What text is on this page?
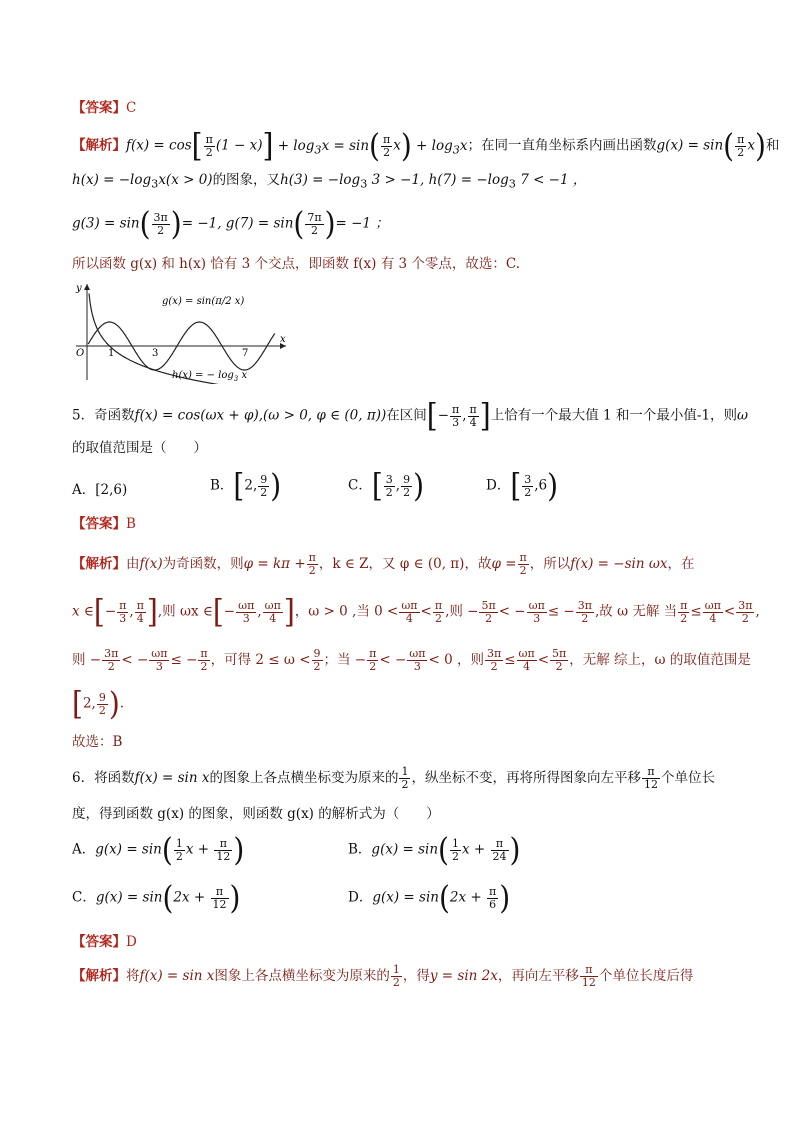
【答案】C
【解析】$f(x) = \cos[ \frac{\pi}{2} (1 - x)] + \log_3x = \sin( \frac{\pi}{2} x) + \log_3x$；在同一直角坐标系内画出函数$g(x) = \sin( \frac{\pi}{2} x)$和
$h(x) = -\log_3x(x > 0)$的图象，又$h(3) = -\log_3$ 3 > −1, $h(7) = -\log_3$ 7 < −1 ，
$g(3) = \sin( \frac{3\pi}{2}$ )= −1, $g(7) = \sin( \frac{7\pi}{2}$ )= −1 ；
所以函数 g(x) 和 h(x) 恰有 3 个交点，即函数 f(x) 有 3 个零点，故选：C.
x
y
O 1	3	7
g(x) = sin(π/2 x)
h(x) = − $\log_3 x$
5．奇函数f(x) = cos(ωx + φ),(ω > 0, φ ∈ (0, π))在区间[− $\frac{\pi}{3}$ , $\frac{\pi}{4}$ ]上恰有一个最大值 1 和一个最小值-1，则ω
的取值范围是（　　）
A．[2,6)	B．[2, $\frac{9}{2}$ )	C．[ $\frac{3}{2}$ , $\frac{9}{2}$ )	D．[ $\frac{3}{2} ,6$)
【答案】B
【解析】由f(x)为奇函数，则$\varphi = k\pi + \frac{\pi}{2}$ ，k ∈ Z，又 φ ∈ (0, π)，故$\varphi = \frac{\pi}{2}$ ，所以f(x) = −sin ωx，在
x ∈[− $\frac{\pi}{3}$ , $\frac{\pi}{4}$ ],则 ωx ∈[− $\frac{\omega\pi}{3}$ , $\frac{\omega\pi}{4}$ ]，ω > 0 ,当 $0 < \frac{\omega\pi}{4} < \frac{\pi}{2}$ ,则 − $\frac{5\pi}{2}$ < − $\frac{\omega\pi}{3}$ ≤ − $\frac{3\pi}{2}$ ,故 ω 无解 当 $\frac{\pi}{2} \le \frac{\omega\pi}{4} < \frac{3\pi}{2}$ ,
则 − $\frac{3\pi}{2}$ < − $\frac{\omega\pi}{3}$ ≤ − $\frac{\pi}{2}$ ，可得 $2 \le \omega < \frac{9}{2}$ ；当 − $\frac{\pi}{2}$ < − $\frac{\omega\pi}{3} < 0$ ，则 $\frac{3\pi}{2} \le \frac{\omega\pi}{4} < \frac{5\pi}{2}$ ，无解 综上，ω 的取值范围是
[2, $\frac{9}{2}$ ).
故选：B
6．将函数f(x) = sin x的图象上各点横坐标变为原来的 $\frac{1}{2}$ ，纵坐标不变，再将所得图象向左平移 $\frac{\pi}{12}$ 个单位长
度，得到函数 g(x) 的图象，则函数 g(x) 的解析式为（　　）
A．$g(x) = \sin( \frac{1}{2}$ $x + \frac{\pi}{12}$ )	B．$g(x) = \sin( \frac{1}{2}$ $x + \frac{\pi}{24}$ )
C．$g(x) = \sin(2x + \frac{\pi}{12}$ )	D．$g(x) = \sin(2x + \frac{\pi}{6}$ )
【答案】D
【解析】将f(x) = sin x图象上各点横坐标变为原来的 $\frac{1}{2}$ ，得y = sin 2x，再向左平移 $\frac{\pi}{12}$ 个单位长度后得
